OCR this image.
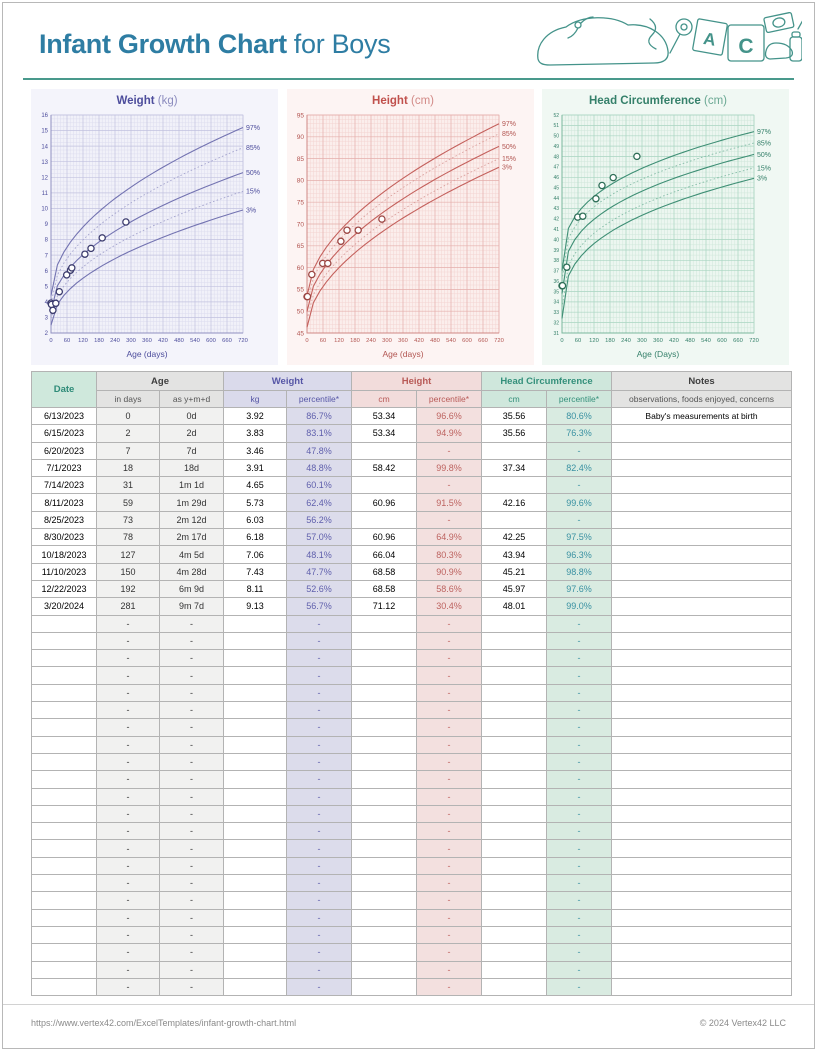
Infant Growth Chart for Boys	A C
2
3
4
5
6
7
8
9
10
11
12
13
14
15
16
0 60 120 180 240 300 360 420 480 540 600 660 720
Age (days)
Weight (kg)
97%
85%
50%
15%
3%
45
50
55
60
65
70
75
80
85
90
95
0 60 120 180 240 300 360 420 480 540 600 660 720
Age (days)
Height (cm)
97%
85%
50%
15%
3%
31
32
33
34
35
36
37
38
39
40
41
42
43
44
45
46
47
48
49
50
51
52
0 60 120 180 240 300 360 420 480 540 600 660 720
Age (Days)
Head Circumference (cm)
97%
85%
50%
15%
3%
Date	Age		Weight		Height		Head Circumference		Notes
	in days	as y+m+d	kg	percentile*	cm	percentile*	cm	percentile*	observations, foods enjoyed, concerns
6/13/2023	0	0d	3.92	86.7%	53.34	96.6%	35.56	80.6%	Baby's measurements at birth
6/15/2023	2	2d	3.83	83.1%	53.34	94.9%	35.56	76.3%	
6/20/2023	7	7d	3.46	47.8%		-		-	
7/1/2023	18	18d	3.91	48.8%	58.42	99.8%	37.34	82.4%	
7/14/2023	31	1m 1d	4.65	60.1%		-		-	
8/11/2023	59	1m 29d	5.73	62.4%	60.96	91.5%	42.16	99.6%	
8/25/2023	73	2m 12d	6.03	56.2%		-		-	
8/30/2023	78	2m 17d	6.18	57.0%	60.96	64.9%	42.25	97.5%	
10/18/2023	127	4m 5d	7.06	48.1%	66.04	80.3%	43.94	96.3%	
11/10/2023	150	4m 28d	7.43	47.7%	68.58	90.9%	45.21	98.8%	
12/22/2023	192	6m 9d	8.11	52.6%	68.58	58.6%	45.97	97.6%	
3/20/2024	281	9m 7d	9.13	56.7%	71.12	30.4%	48.01	99.0%	
	-	-		-		-		-	
	-	-		-		-		-	
	-	-		-		-		-	
	-	-		-		-		-	
	-	-		-		-		-	
	-	-		-		-		-	
	-	-		-		-		-	
	-	-		-		-		-	
	-	-		-		-		-	
	-	-		-		-		-	
	-	-		-		-		-	
	-	-		-		-		-	
	-	-		-		-		-	
	-	-		-		-		-	
	-	-		-		-		-	
	-	-		-		-		-	
	-	-		-		-		-	
	-	-		-		-		-	
	-	-		-		-		-	
	-	-		-		-		-	
	-	-		-		-		-	
	-	-		-		-		-	
https://www.vertex42.com/ExcelTemplates/infant-growth-chart.html	© 2024 Vertex42 LLC
